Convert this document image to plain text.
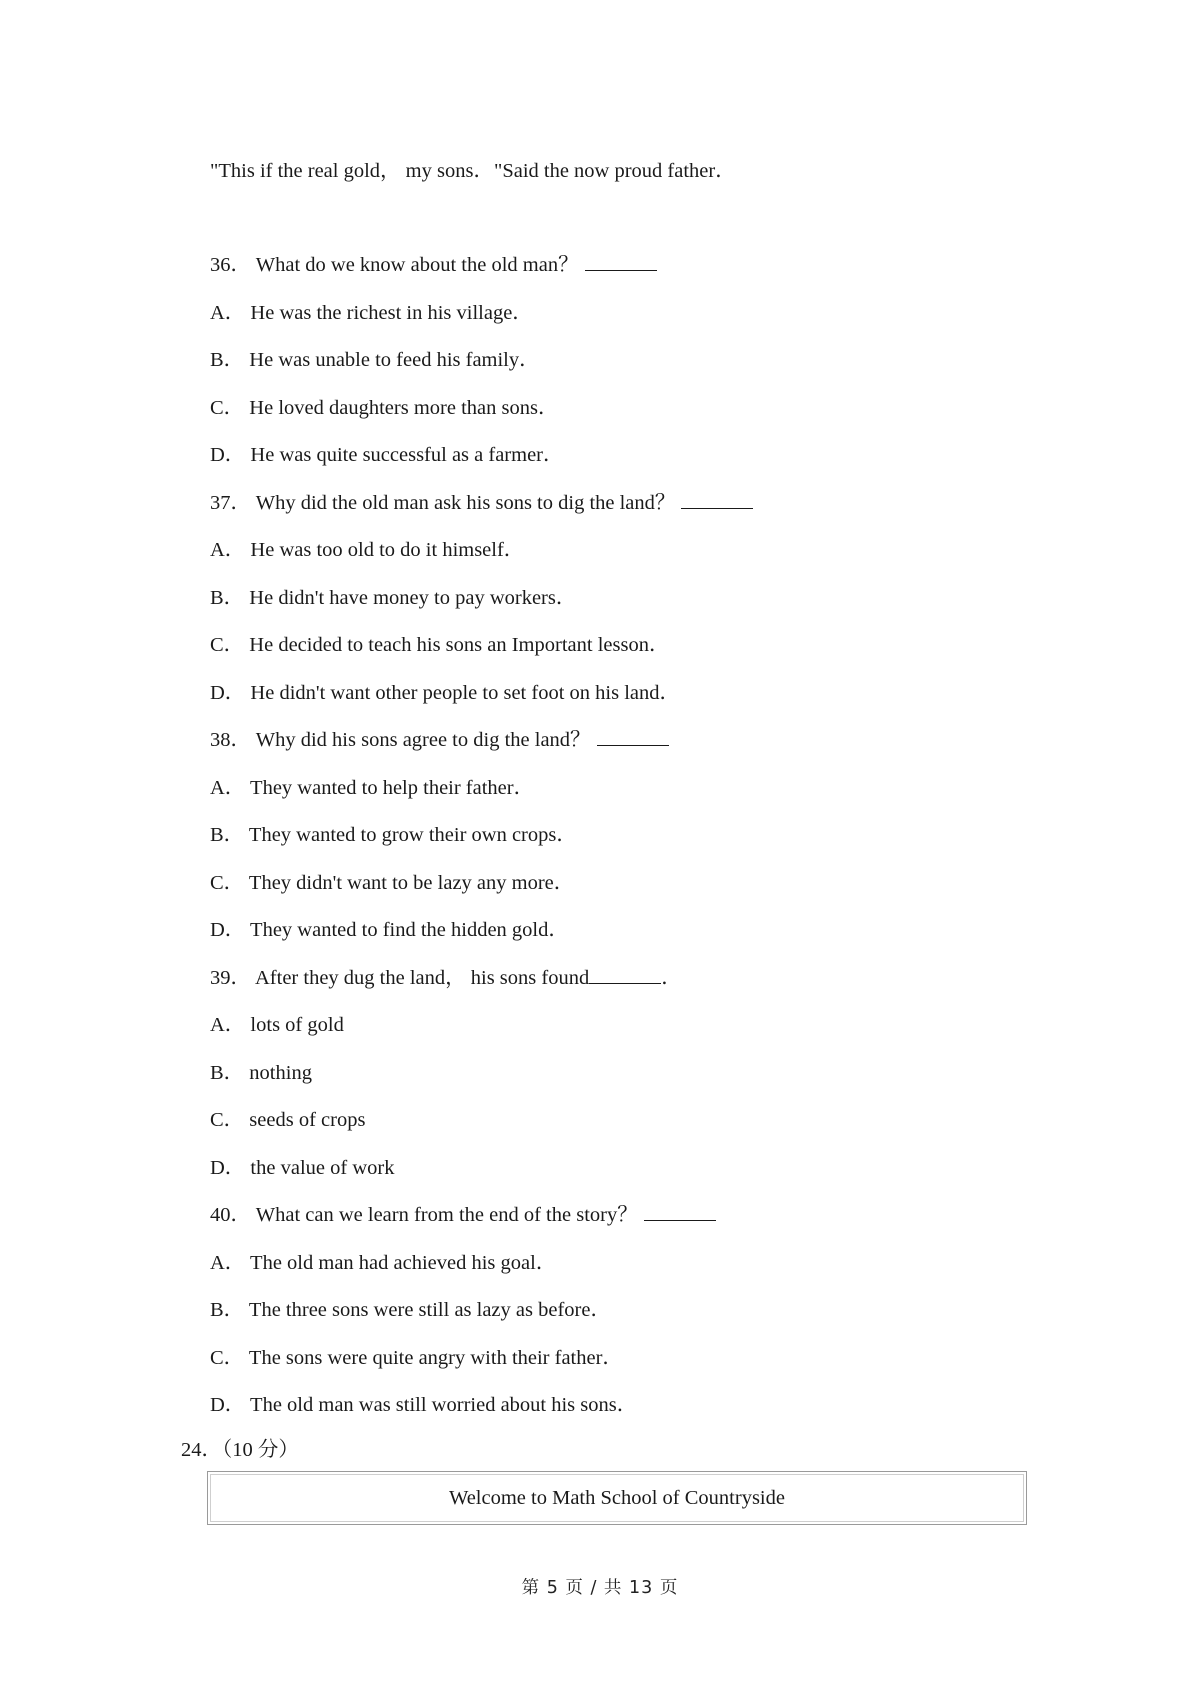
"This if the real gold， my sons．"Said the now proud father．
36． What do we know about the old man？
A． He was the richest in his village．
B． He was unable to feed his family．
C． He loved daughters more than sons．
D． He was quite successful as a farmer．
37． Why did the old man ask his sons to dig the land？
A． He was too old to do it himself．
B． He didn't have money to pay workers．
C． He decided to teach his sons an Important lesson．
D． He didn't want other people to set foot on his land．
38． Why did his sons agree to dig the land？
A． They wanted to help their father．
B． They wanted to grow their own crops．
C． They didn't want to be lazy any more．
D． They wanted to find the hidden gold．
39． After they dug the land， his sons found	．
A． lots of gold
B． nothing
C． seeds of crops
D． the value of work
40． What can we learn from the end of the story？
A． The old man had achieved his goal．
B． The three sons were still as lazy as before．
C． The sons were quite angry with their father．
D． The old man was still worried about his sons．
24．（10 分）
Welcome to Math School of Countryside
第 5 页 / 共 13 页
